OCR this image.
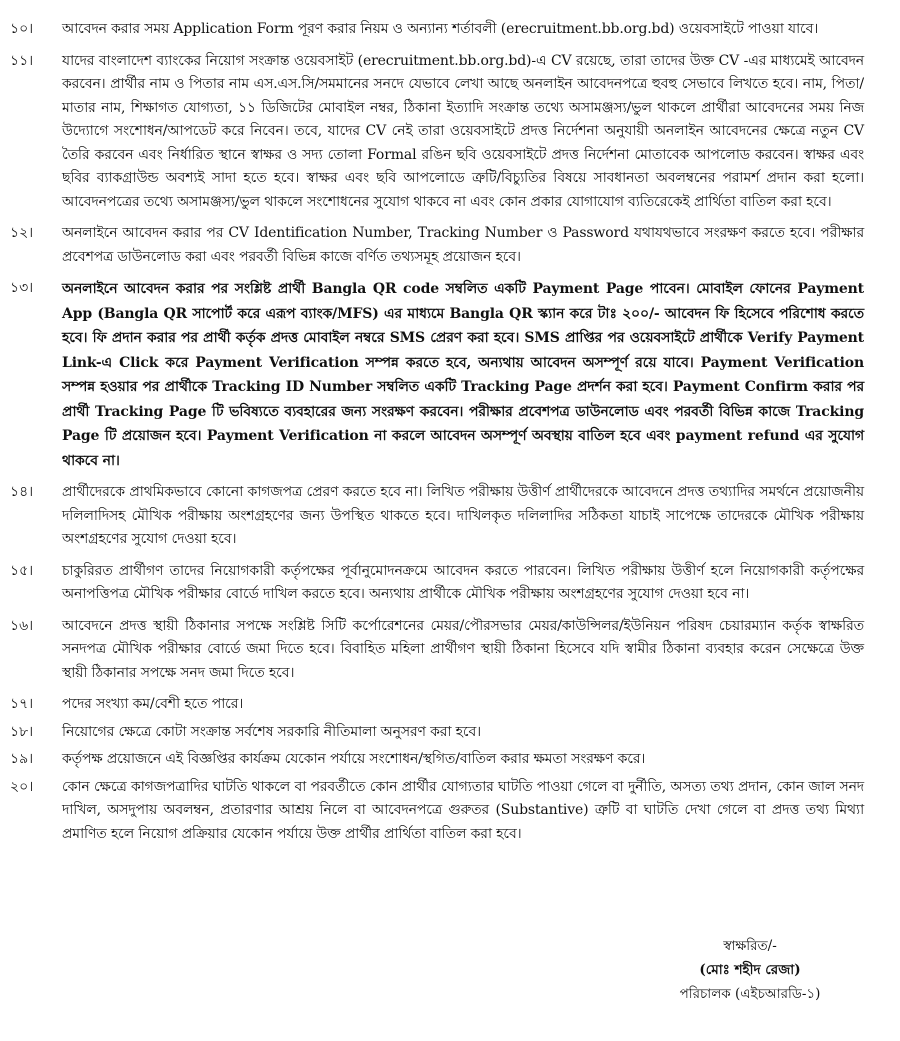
১০।	আবেদন করার সময় Application Form পূরণ করার নিয়ম ও অন্যান্য শর্তাবলী (erecruitment.bb.org.bd) ওয়েবসাইটে পাওয়া যাবে।
১১।	যাদের বাংলাদেশ ব্যাংকের নিয়োগ সংক্রান্ত ওয়েবসাইট (erecruitment.bb.org.bd)-এ CV রয়েছে, তারা তাদের উক্ত CV -এর মাধ্যমেই আবেদন করবেন। প্রার্থীর নাম ও পিতার নাম এস.এস.সি/সমমানের সনদে যেভাবে লেখা আছে অনলাইন আবেদনপত্রে হুবহু সেভাবে লিখতে হবে। নাম, পিতা/মাতার নাম, শিক্ষাগত যোগ্যতা, ১১ ডিজিটের মোবাইল নম্বর, ঠিকানা ইত্যাদি সংক্রান্ত তথ্যে অসামঞ্জস্য/ভুল থাকলে প্রার্থীরা আবেদনের সময় নিজ উদ্যোগে সংশোধন/আপডেট করে নিবেন। তবে, যাদের CV নেই তারা ওয়েবসাইটে প্রদত্ত নির্দেশনা অনুযায়ী অনলাইন আবেদনের ক্ষেত্রে নতুন CV তৈরি করবেন এবং নির্ধারিত স্থানে স্বাক্ষর ও সদ্য তোলা Formal রঙিন ছবি ওয়েবসাইটে প্রদত্ত নির্দেশনা মোতাবেক আপলোড করবেন। স্বাক্ষর এবং ছবির ব্যাকগ্রাউন্ড অবশ্যই সাদা হতে হবে। স্বাক্ষর এবং ছবি আপলোডে ত্রুটি/বিচ্যুতির বিষয়ে সাবধানতা অবলম্বনের পরামর্শ প্রদান করা হলো। আবেদনপত্রের তথ্যে অসামঞ্জস্য/ভুল থাকলে সংশোধনের সুযোগ থাকবে না এবং কোন প্রকার যোগাযোগ ব্যতিরেকেই প্রার্থিতা বাতিল করা হবে।
১২।	অনলাইনে আবেদন করার পর CV Identification Number, Tracking Number ও Password যথাযথভাবে সংরক্ষণ করতে হবে। পরীক্ষার প্রবেশপত্র ডাউনলোড করা এবং পরবর্তী বিভিন্ন কাজে বর্ণিত তথ্যসমূহ প্রয়োজন হবে।
১৩।	অনলাইনে আবেদন করার পর সংশ্লিষ্ট প্রার্থী Bangla QR code সম্বলিত একটি Payment Page পাবেন। মোবাইল ফোনের Payment App (Bangla QR সাপোর্ট করে এরূপ ব্যাংক/MFS) এর মাধ্যমে Bangla QR স্ক্যান করে টাঃ ২০০/- আবেদন ফি হিসেবে পরিশোধ করতে হবে। ফি প্রদান করার পর প্রার্থী কর্তৃক প্রদত্ত মোবাইল নম্বরে SMS প্রেরণ করা হবে। SMS প্রাপ্তির পর ওয়েবসাইটে প্রার্থীকে Verify Payment Link-এ Click করে Payment Verification সম্পন্ন করতে হবে, অন্যথায় আবেদন অসম্পূর্ণ রয়ে যাবে। Payment Verification সম্পন্ন হওয়ার পর প্রার্থীকে Tracking ID Number সম্বলিত একটি Tracking Page প্রদর্শন করা হবে। Payment Confirm করার পর প্রার্থী Tracking Page টি ভবিষ্যতে ব্যবহারের জন্য সংরক্ষণ করবেন। পরীক্ষার প্রবেশপত্র ডাউনলোড এবং পরবর্তী বিভিন্ন কাজে Tracking Page টি প্রয়োজন হবে। Payment Verification না করলে আবেদন অসম্পূর্ণ অবস্থায় বাতিল হবে এবং payment refund এর সুযোগ থাকবে না।
১৪।	প্রার্থীদেরকে প্রাথমিকভাবে কোনো কাগজপত্র প্রেরণ করতে হবে না। লিখিত পরীক্ষায় উত্তীর্ণ প্রার্থীদেরকে আবেদনে প্রদত্ত তথ্যাদির সমর্থনে প্রয়োজনীয় দলিলাদিসহ মৌখিক পরীক্ষায় অংশগ্রহণের জন্য উপস্থিত থাকতে হবে। দাখিলকৃত দলিলাদির সঠিকতা যাচাই সাপেক্ষে তাদেরকে মৌখিক পরীক্ষায় অংশগ্রহণের সুযোগ দেওয়া হবে।
১৫।	চাকুরিরত প্রার্থীগণ তাদের নিয়োগকারী কর্তৃপক্ষের পূর্বানুমোদনক্রমে আবেদন করতে পারবেন। লিখিত পরীক্ষায় উত্তীর্ণ হলে নিয়োগকারী কর্তৃপক্ষের অনাপত্তিপত্র মৌখিক পরীক্ষার বোর্ডে দাখিল করতে হবে। অন্যথায় প্রার্থীকে মৌখিক পরীক্ষায় অংশগ্রহণের সুযোগ দেওয়া হবে না।
১৬।	আবেদনে প্রদত্ত স্থায়ী ঠিকানার সপক্ষে সংশ্লিষ্ট সিটি কর্পোরেশনের মেয়র/পৌরসভার মেয়র/কাউন্সিলর/ইউনিয়ন পরিষদ চেয়ারম্যান কর্তৃক স্বাক্ষরিত সনদপত্র মৌখিক পরীক্ষার বোর্ডে জমা দিতে হবে। বিবাহিত মহিলা প্রার্থীগণ স্থায়ী ঠিকানা হিসেবে যদি স্বামীর ঠিকানা ব্যবহার করেন সেক্ষেত্রে উক্ত স্থায়ী ঠিকানার সপক্ষে সনদ জমা দিতে হবে।
১৭।	পদের সংখ্যা কম/বেশী হতে পারে।
১৮।	নিয়োগের ক্ষেত্রে কোটা সংক্রান্ত সর্বশেষ সরকারি নীতিমালা অনুসরণ করা হবে।
১৯।	কর্তৃপক্ষ প্রয়োজনে এই বিজ্ঞপ্তির কার্যক্রম যেকোন পর্যায়ে সংশোধন/স্থগিত/বাতিল করার ক্ষমতা সংরক্ষণ করে।
২০।	কোন ক্ষেত্রে কাগজপত্রাদির ঘাটতি থাকলে বা পরবর্তীতে কোন প্রার্থীর যোগ্যতার ঘাটতি পাওয়া গেলে বা দুর্নীতি, অসত্য তথ্য প্রদান, কোন জাল সনদ দাখিল, অসদুপায় অবলম্বন, প্রতারণার আশ্রয় নিলে বা আবেদনপত্রে গুরুতর (Substantive) ত্রুটি বা ঘাটতি দেখা গেলে বা প্রদত্ত তথ্য মিথ্যা প্রমাণিত হলে নিয়োগ প্রক্রিয়ার যেকোন পর্যায়ে উক্ত প্রার্থীর প্রার্থিতা বাতিল করা হবে।
স্বাক্ষরিত/-
(মোঃ শহীদ রেজা)
পরিচালক (এইচআরডি-১)
